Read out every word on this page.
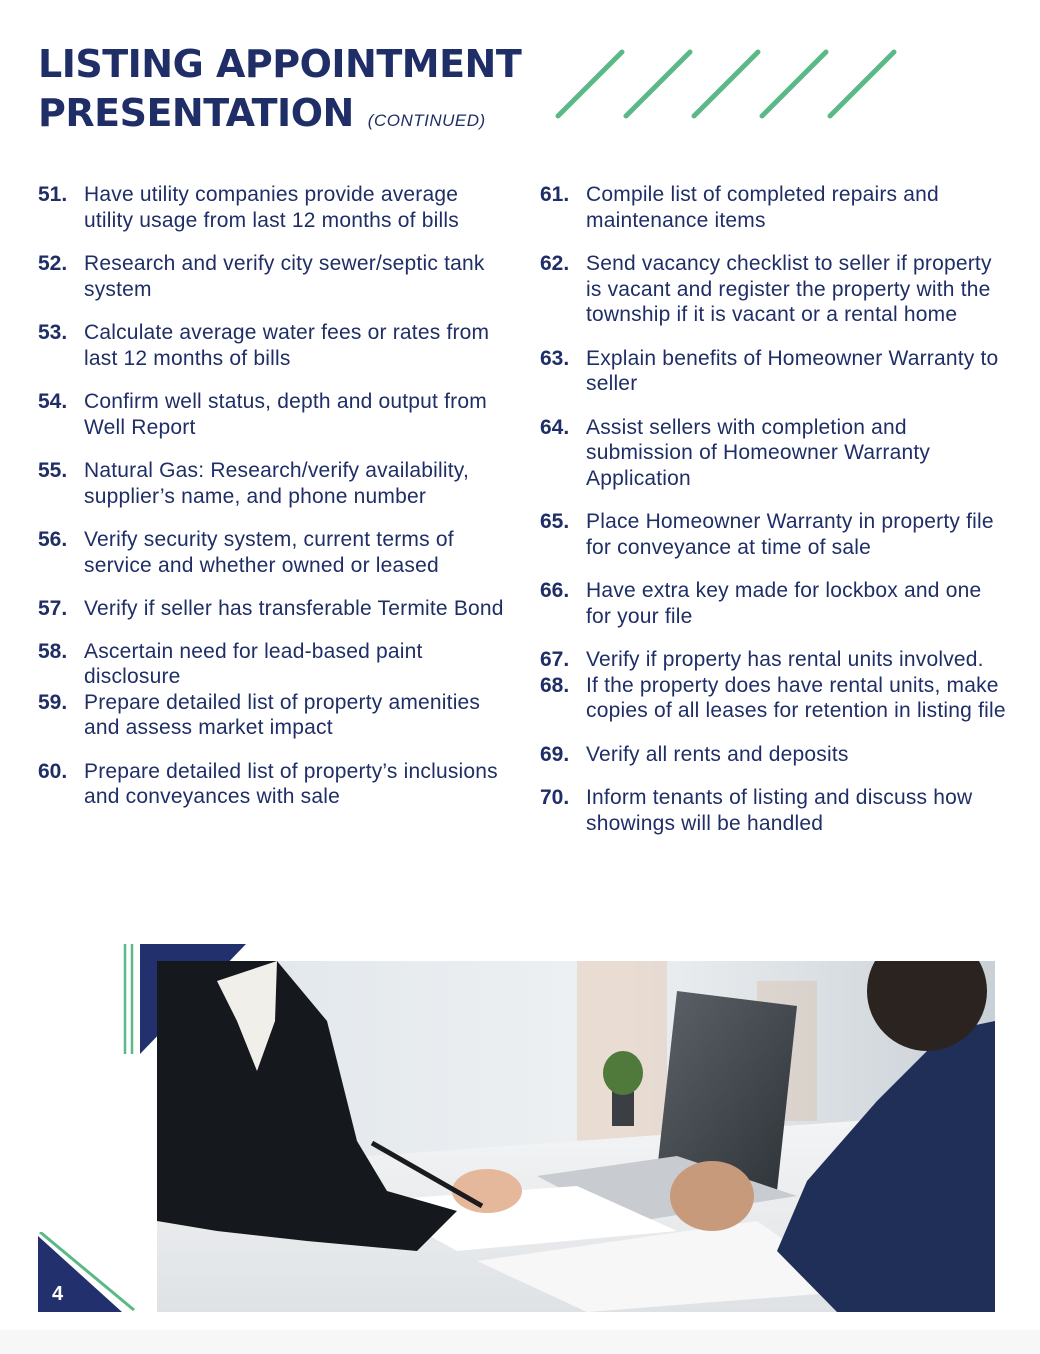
LISTING APPOINTMENT
PRESENTATION (CONTINUED)
51. Have utility companies provide average utility usage from last 12 months of bills
52. Research and verify city sewer/septic tank system
53. Calculate average water fees or rates from last 12 months of bills
54. Confirm well status, depth and output from Well Report
55. Natural Gas: Research/verify availability, supplier’s name, and phone number
56. Verify security system, current terms of service and whether owned or leased
57. Verify if seller has transferable Termite Bond
58. Ascertain need for lead-based paint disclosure
59. Prepare detailed list of property amenities and assess market impact
60. Prepare detailed list of property’s inclusions and conveyances with sale
61. Compile list of completed repairs and maintenance items
62. Send vacancy checklist to seller if property is vacant and register the property with the township if it is vacant or a rental home
63. Explain benefits of Homeowner Warranty to seller
64. Assist sellers with completion and submission of Homeowner Warranty Application
65. Place Homeowner Warranty in property file for conveyance at time of sale
66. Have extra key made for lockbox and one for your file
67. Verify if property has rental units involved.
68. If the property does have rental units, make copies of all leases for retention in listing file
69. Verify all rents and deposits
70. Inform tenants of listing and discuss how showings will be handled
4
